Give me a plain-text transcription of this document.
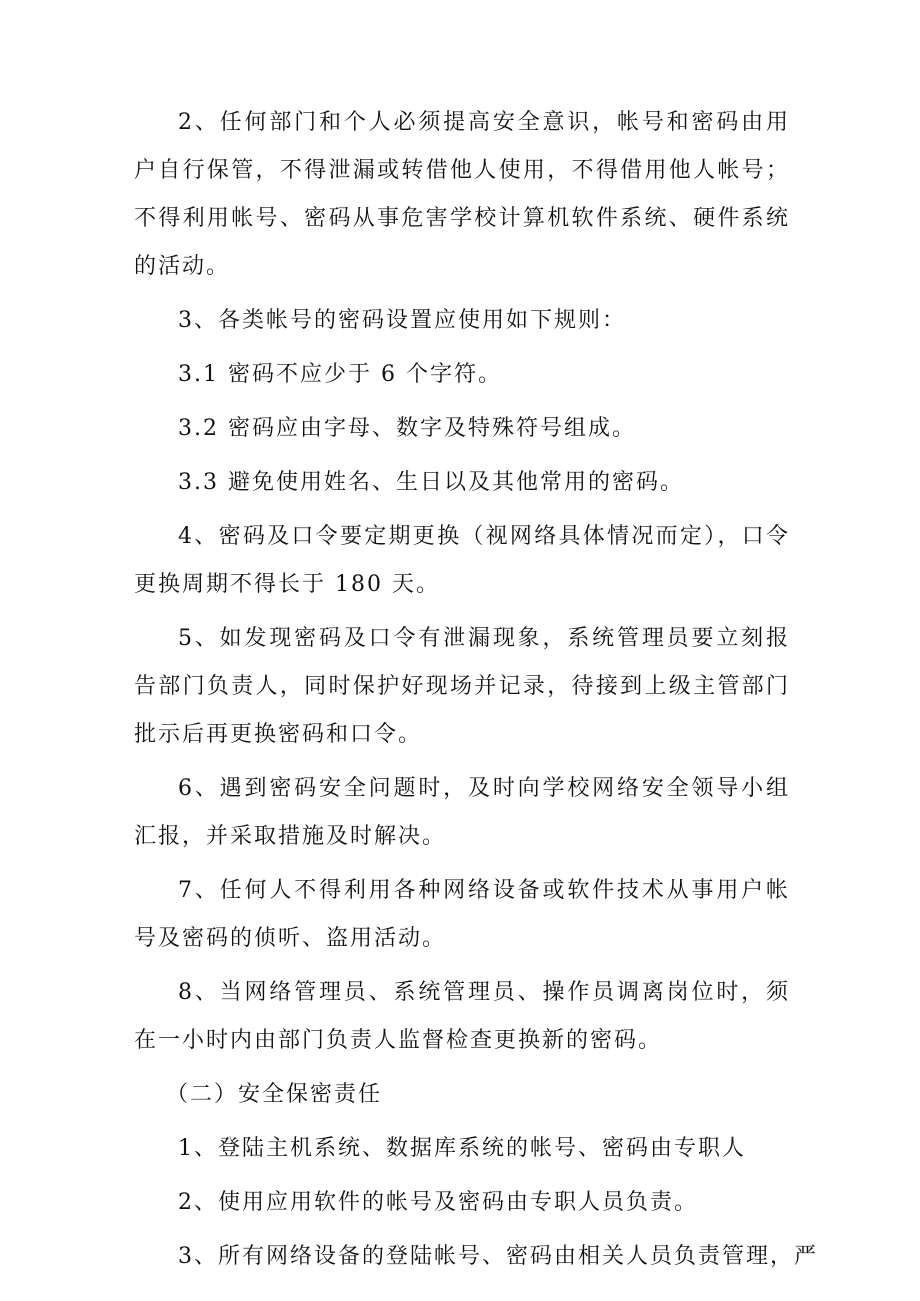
2、任何部门和个人必须提高安全意识，帐号和密码由用户自行保管，不得泄漏或转借他人使用，不得借用他人帐号；不得利用帐号、密码从事危害学校计算机软件系统、硬件系统的活动。

3、各类帐号的密码设置应使用如下规则：

3.1 密码不应少于 6 个字符。

3.2 密码应由字母、数字及特殊符号组成。

3.3 避免使用姓名、生日以及其他常用的密码。

4、密码及口令要定期更换（视网络具体情况而定），口令更换周期不得长于 180 天。

5、如发现密码及口令有泄漏现象，系统管理员要立刻报告部门负责人，同时保护好现场并记录，待接到上级主管部门批示后再更换密码和口令。

6、遇到密码安全问题时，及时向学校网络安全领导小组汇报，并采取措施及时解决。

7、任何人不得利用各种网络设备或软件技术从事用户帐号及密码的侦听、盗用活动。

8、当网络管理员、系统管理员、操作员调离岗位时，须在一小时内由部门负责人监督检查更换新的密码。

（二）安全保密责任

1、登陆主机系统、数据库系统的帐号、密码由专职人

2、使用应用软件的帐号及密码由专职人员负责。

3、所有网络设备的登陆帐号、密码由相关人员负责管理，严
